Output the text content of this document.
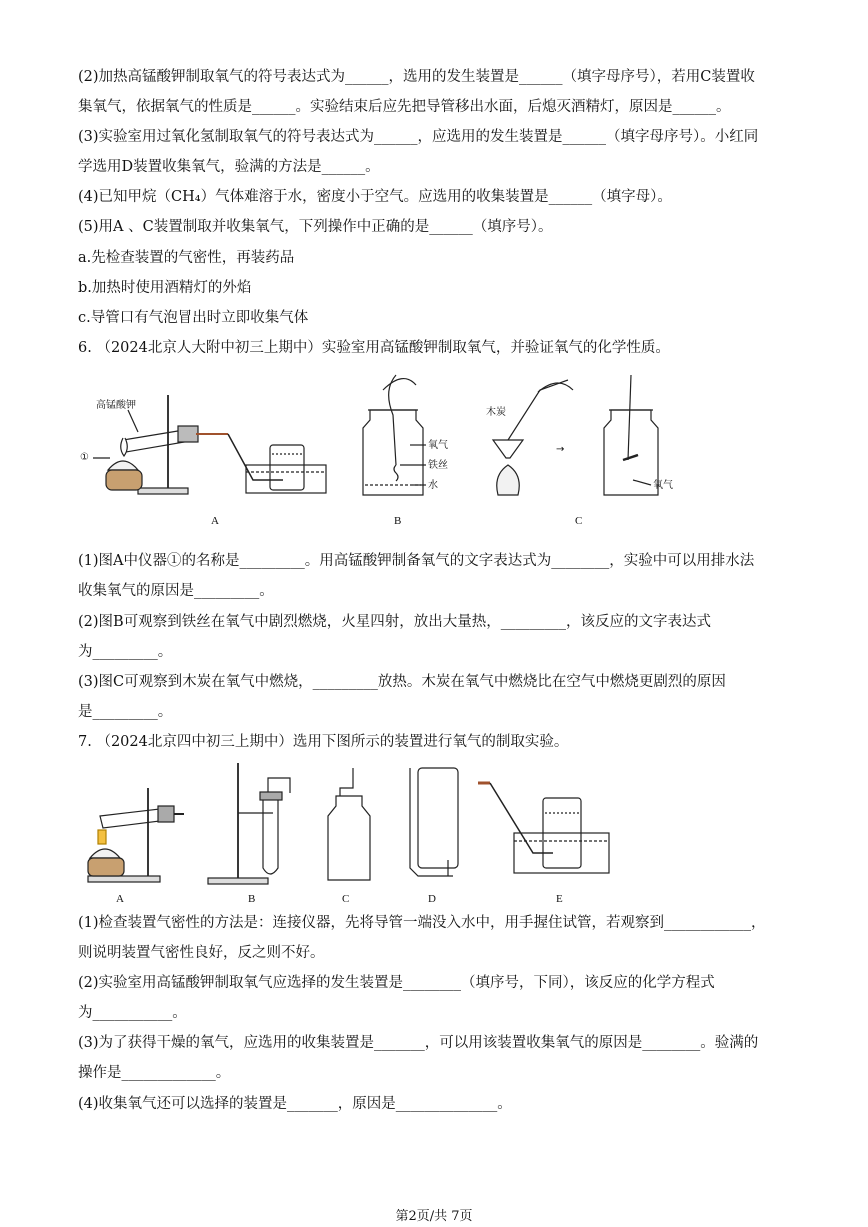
(2)加热高锰酸钾制取氧气的符号表达式为______，选用的发生装置是______（填字母序号），若用C装置收
集氧气，依据氧气的性质是______。实验结束后应先把导管移出水面，后熄灭酒精灯，原因是______。
(3)实验室用过氧化氢制取氧气的符号表达式为______，应选用的发生装置是______（填字母序号）。小红同
学选用D装置收集氧气，验满的方法是______。
(4)已知甲烷（CH₄）气体难溶于水，密度小于空气。应选用的收集装置是______（填字母）。
(5)用A 、C装置制取并收集氧气，下列操作中正确的是______（填序号）。
a.先检查装置的气密性，再装药品
b.加热时使用酒精灯的外焰
c.导管口有气泡冒出时立即收集气体
6. （2024北京人大附中初三上期中）实验室用高锰酸钾制取氧气，并验证氧气的化学性质。
高锰酸钾
①
A
氧气
铁丝
水
B
木炭
→
氧气
C
(1)图A中仪器①的名称是_________。用高锰酸钾制备氧气的文字表达式为________，实验中可以用排水法
收集氧气的原因是_________。
(2)图B可观察到铁丝在氧气中剧烈燃烧，火星四射，放出大量热，_________，该反应的文字表达式
为_________。
(3)图C可观察到木炭在氧气中燃烧，_________放热。木炭在氧气中燃烧比在空气中燃烧更剧烈的原因
是_________。
7. （2024北京四中初三上期中）选用下图所示的装置进行氧气的制取实验。
A	B	C	D	E
(1)检查装置气密性的方法是：连接仪器，先将导管一端没入水中，用手握住试管，若观察到____________，
则说明装置气密性良好，反之则不好。
(2)实验室用高锰酸钾制取氧气应选择的发生装置是________（填序号，下同），该反应的化学方程式
为___________。
(3)为了获得干燥的氧气，应选用的收集装置是_______，可以用该装置收集氧气的原因是________。验满的
操作是_____________。
(4)收集氧气还可以选择的装置是_______，原因是______________。
第2页/共 7页
